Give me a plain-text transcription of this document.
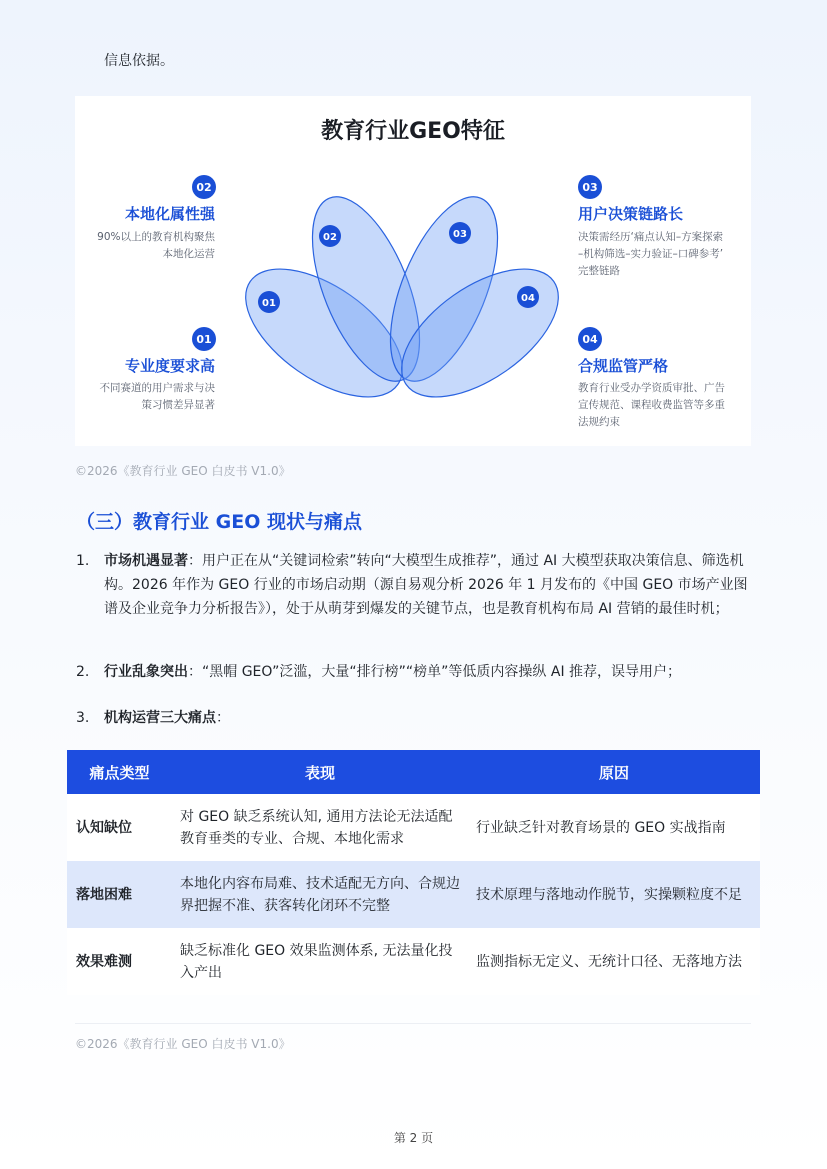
信息依据。
教育行业GEO特征
01
02	03
04
02
本地化属性强
90%以上的教育机构聚焦
本地化运营
01
专业度要求高
不同赛道的用户需求与决
策习惯差异显著
03
用户决策链路长
决策需经历‘痛点认知–方案探索
–机构筛选–实力验证–口碑参考’
完整链路
04
合规监管严格
教育行业受办学资质审批、广告
宣传规范、课程收费监管等多重
法规约束
©2026《教育行业 GEO 白皮书 V1.0》
（三）教育行业 GEO 现状与痛点
1. 市场机遇显著：用户正在从“关键词检索”转向“大模型生成推荐”，通过 AI 大模型获取决策信息、筛选机构。2026 年作为 GEO 行业的市场启动期（源自易观分析 2026 年 1 月发布的《中国 GEO 市场产业图谱及企业竞争力分析报告》），处于从萌芽到爆发的关键节点，也是教育机构布局 AI 营销的最佳时机；
2. 行业乱象突出：“黑帽 GEO”泛滥，大量“排行榜”“榜单”等低质内容操纵 AI 推荐，误导用户；
3. 机构运营三大痛点：
痛点类型	表现	原因
认知缺位	对 GEO 缺乏系统认知, 通用方法论无法适配教育垂类的专业、合规、本地化需求	行业缺乏针对教育场景的 GEO 实战指南
落地困难	本地化内容布局难、技术适配无方向、合规边界把握不准、获客转化闭环不完整	技术原理与落地动作脱节，实操颗粒度不足
效果难测	缺乏标准化 GEO 效果监测体系, 无法量化投入产出	监测指标无定义、无统计口径、无落地方法
©2026《教育行业 GEO 白皮书 V1.0》
第 2 页
